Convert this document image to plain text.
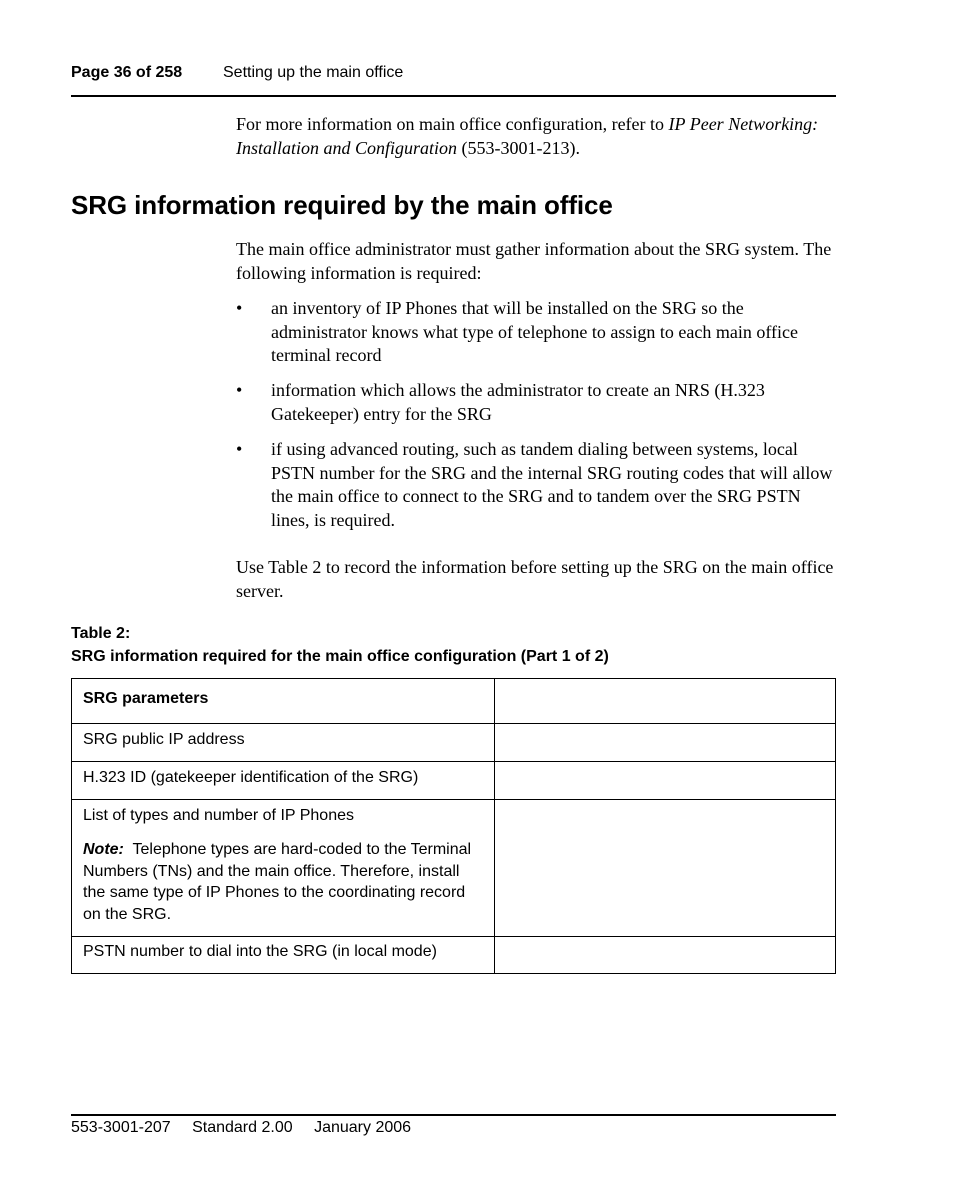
Page 36 of 258	Setting up the main office
For more information on main office configuration, refer to IP Peer Networking: Installation and Configuration (553-3001-213).
SRG information required by the main office
The main office administrator must gather information about the SRG system. The following information is required:
• an inventory of IP Phones that will be installed on the SRG so the administrator knows what type of telephone to assign to each main office terminal record
• information which allows the administrator to create an NRS (H.323 Gatekeeper) entry for the SRG
• if using advanced routing, such as tandem dialing between systems, local PSTN number for the SRG and the internal SRG routing codes that will allow the main office to connect to the SRG and to tandem over the SRG PSTN lines, is required.
Use Table 2 to record the information before setting up the SRG on the main office server.
Table 2:
SRG information required for the main office configuration (Part 1 of 2)
SRG parameters	
SRG public IP address	
H.323 ID (gatekeeper identification of the SRG)	

List of types and number of IP Phones
Note: Telephone types are hard-coded to the Terminal Numbers (TNs) and the main office. Therefore, install the same type of IP Phones to the coordinating record on the SRG.	

PSTN number to dial into the SRG (in local mode)	
553-3001-207 Standard 2.00 January 2006
